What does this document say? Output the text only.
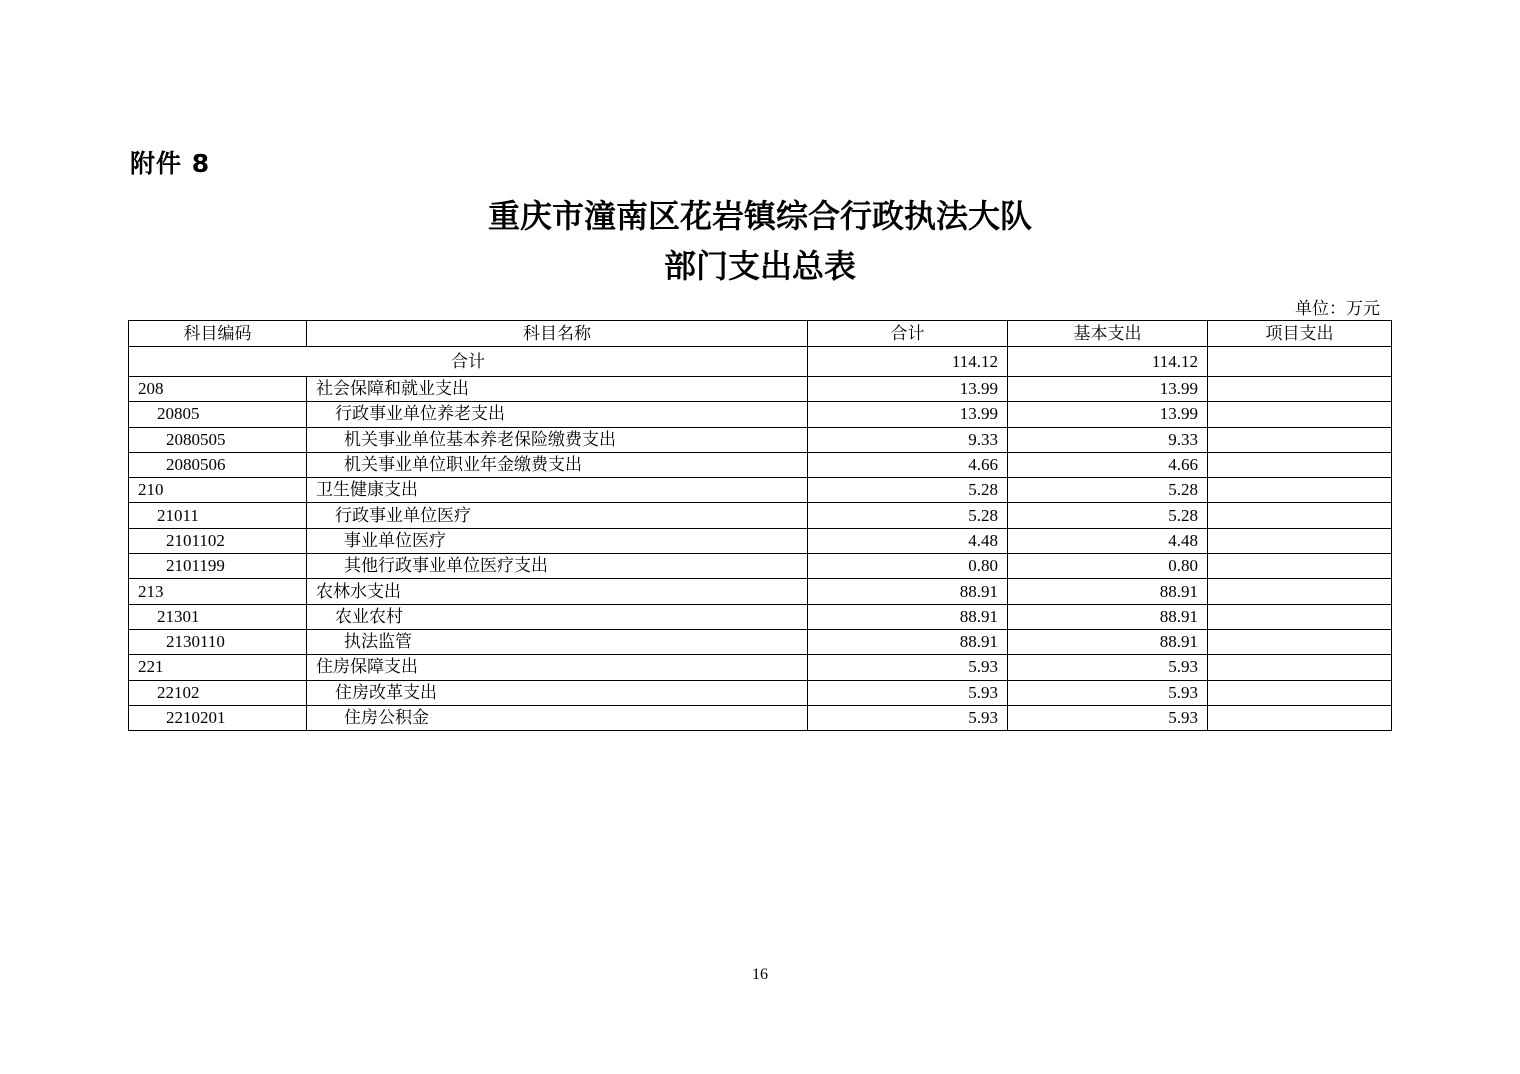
附件 8
重庆市潼南区花岩镇综合行政执法大队
部门支出总表
单位：万元
科目编码	科目名称	合计	基本支出	项目支出
合计		114.12	114.12	
208	社会保障和就业支出	13.99	13.99	
20805	行政事业单位养老支出	13.99	13.99	
2080505	机关事业单位基本养老保险缴费支出	9.33	9.33	
2080506	机关事业单位职业年金缴费支出	4.66	4.66	
210	卫生健康支出	5.28	5.28	
21011	行政事业单位医疗	5.28	5.28	
2101102	事业单位医疗	4.48	4.48	
2101199	其他行政事业单位医疗支出	0.80	0.80	
213	农林水支出	88.91	88.91	
21301	农业农村	88.91	88.91	
2130110	执法监管	88.91	88.91	
221	住房保障支出	5.93	5.93	
22102	住房改革支出	5.93	5.93	
2210201	住房公积金	5.93	5.93	
16
